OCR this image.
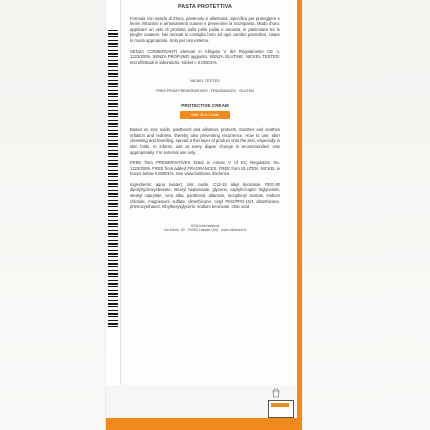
PASTA PROTETTIVA
Formula con ossido di Zinco, pantenolo e allantoina. Specifica per proteggere e lenire irritazioni e arrossamenti cutanei e prevenirne la ricomparsa. Modo d'uso: applicare un velo di prodotto sulla pelle pulita e asciutta, in particolare tra le pieghe cutanee. Nei neonati si consiglia l'uso ad ogni cambio pannolino. Usare in modo appropriato. Solo per uso esterno.
SENZA CONSERVANTI elencati in Allegato V del Regolamento CE n. 1223/2009. SENZA PROFUMO aggiunto. SENZA GLUTINE. NICKEL TESTED: test effettuati in laboratorio. Nickel < 0,00001%.
NICKEL TESTED
FREE FROM PRESERVATIVES · FRAGRANCES · GLUTEN
PROTECTIVE CREAM
With Zinc Oxide
Based on zinc oxide, panthenol and allantoin, protects. Soothes and soothes irritation and redness, thereby also preventing recurrence. How to use: after cleansing and towelling, spread a thin layer of product onto the skin, especially in skin folds. In infants, use at every diaper change is recommended. Use appropriately. For external use only.
FREE from PRESERVATIVES listed in Annex V of EC Regulation No. 1223/2009. FREE from added FRAGRANCES. FREE from GLUTEN. NICKEL in traces below 0.00001%. See www.bimbone.it/scienza
Ingredients: aqua (water), zinc oxide, C12-15 alkyl benzoate, PEG-30 dipolyhydroxystearate, stearyl heptanoate, glycerin, caprylic/capric triglyceride, stearyl caprylate, cera alba, panthenol, allantoin, tocopheryl acetate, sodium chloride, magnesium sulfate, dimethicone, cetyl PEG/PPG-10/1 dimethicone, phenoxyethanol, ethylhexylglycerin, sodium benzoate, citric acid.
ICIM International
Via Morsi, 90 · 20090 Lainate (MI) · www.bimbone.it
